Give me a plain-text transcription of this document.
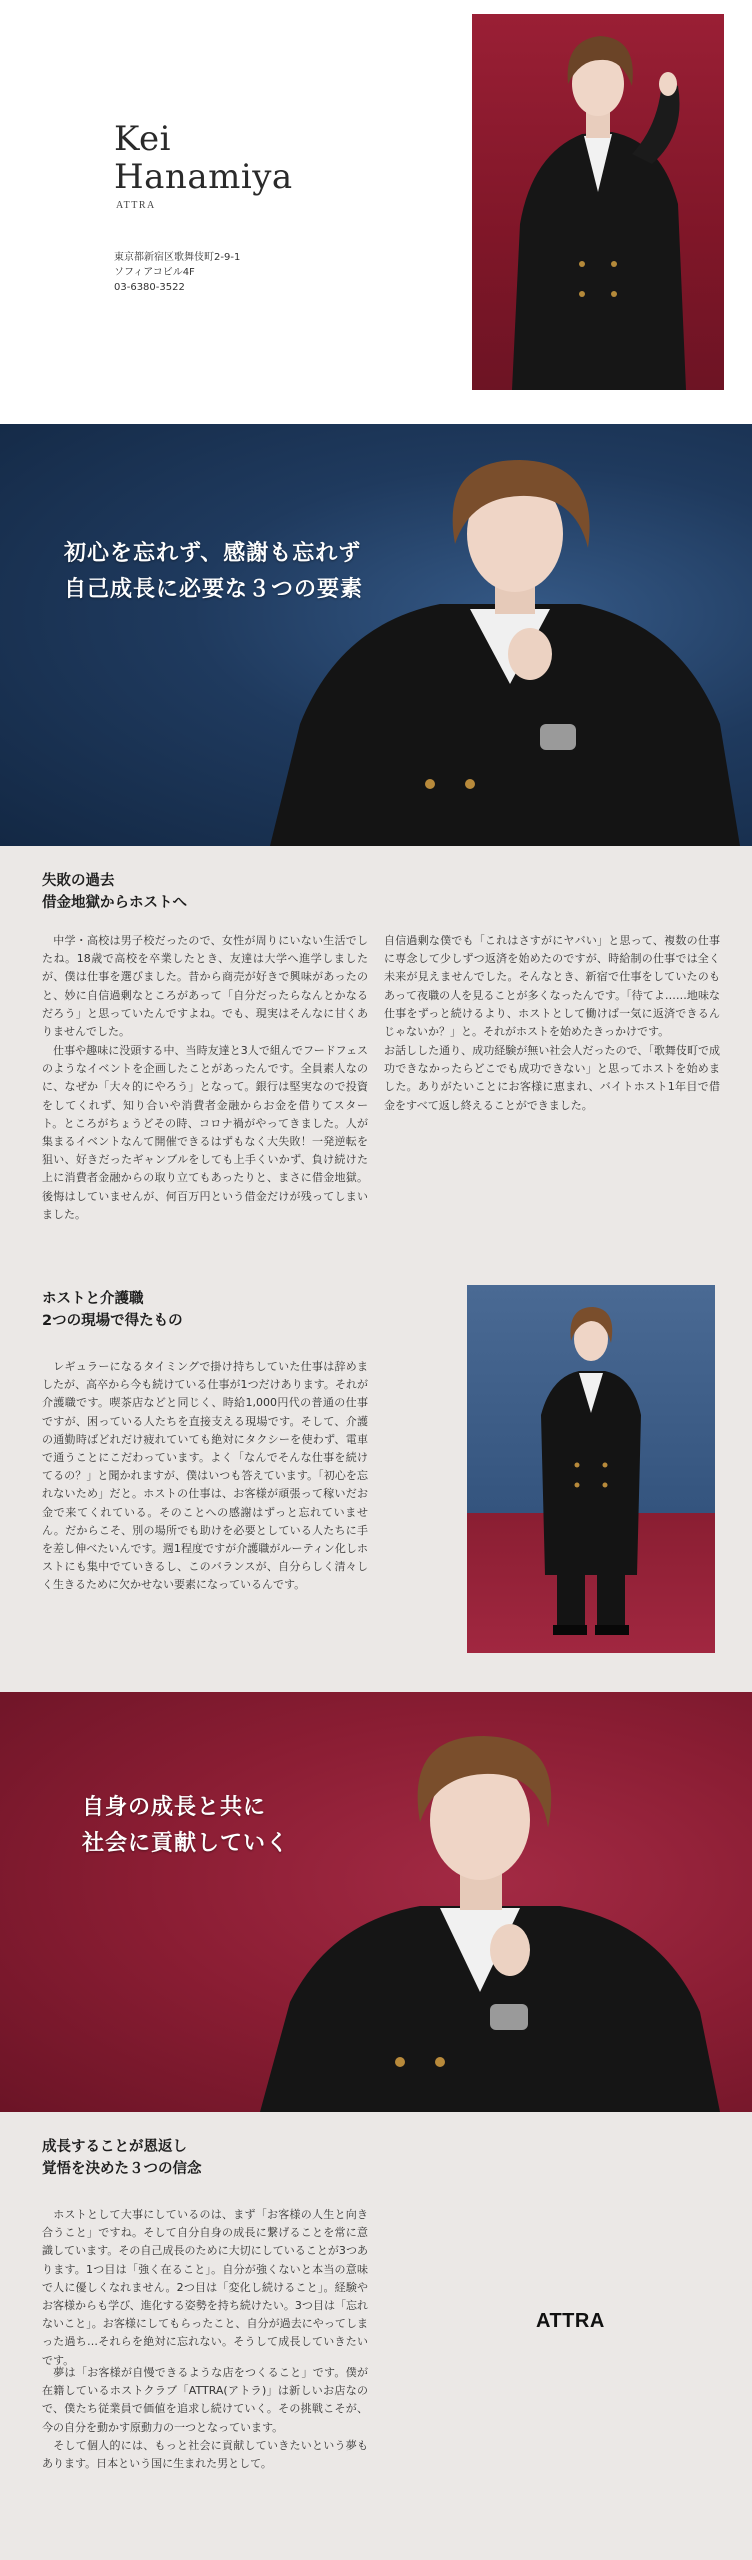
Kei
Hanamiya
ATTRA
東京都新宿区歌舞伎町2-9-1
ソフィアコビル4F
03-6380-3522
初心を忘れず、感謝も忘れず
自己成長に必要な３つの要素
失敗の過去
借金地獄からホストへ
　中学・高校は男子校だったので、女性が周りにいない生活でしたね。18歳で高校を卒業したとき、友達は大学へ進学しましたが、僕は仕事を選びました。昔から商売が好きで興味があったのと、妙に自信過剰なところがあって「自分だったらなんとかなるだろう」と思っていたんですよね。でも、現実はそんなに甘くありませんでした。
　仕事や趣味に没頭する中、当時友達と3人で組んでフードフェスのようなイベントを企画したことがあったんです。全員素人なのに、なぜか「大々的にやろう」となって。銀行は堅実なので投資をしてくれず、知り合いや消費者金融からお金を借りてスタート。ところがちょうどその時、コロナ禍がやってきました。人が集まるイベントなんて開催できるはずもなく大失敗！一発逆転を狙い、好きだったギャンブルをしても上手くいかず、負け続けた上に消費者金融からの取り立てもあったりと、まさに借金地獄。後悔はしていませんが、何百万円という借金だけが残ってしまいました。
自信過剰な僕でも「これはさすがにヤバい」と思って、複数の仕事に専念して少しずつ返済を始めたのですが、時給制の仕事では全く未来が見えませんでした。そんなとき、新宿で仕事をしていたのもあって夜職の人を見ることが多くなったんです。「待てよ……地味な仕事をずっと続けるより、ホストとして働けば一気に返済できるんじゃないか？」と。それがホストを始めたきっかけです。
お話しした通り、成功経験が無い社会人だったので、「歌舞伎町で成功できなかったらどこでも成功できない」と思ってホストを始めました。ありがたいことにお客様に恵まれ、バイトホスト1年目で借金をすべて返し終えることができました。
ホストと介護職
2つの現場で得たもの
　レギュラーになるタイミングで掛け持ちしていた仕事は辞めましたが、高卒から今も続けている仕事が1つだけあります。それが介護職です。喫茶店などと同じく、時給1,000円代の普通の仕事ですが、困っている人たちを直接支える現場です。そして、介護の通勤時ばどれだけ疲れていても絶対にタクシーを使わず、電車で通うことにこだわっています。よく「なんでそんな仕事を続けてるの？」と聞かれますが、僕はいつも答えています。「初心を忘れないため」だと。ホストの仕事は、お客様が頑張って稼いだお金で来てくれている。そのことへの感謝はずっと忘れていません。だからこそ、別の場所でも助けを必要としている人たちに手を差し伸べたいんです。週1程度ですが介護職がルーティン化しホストにも集中でていきるし、このバランスが、自分らしく清々しく生きるために欠かせない要素になっているんです。
自身の成長と共に
社会に貢献していく
成長することが恩返し
覚悟を決めた３つの信念
　ホストとして大事にしているのは、まず「お客様の人生と向き合うこと」ですね。そして自分自身の成長に繋げることを常に意識しています。その自己成長のために大切にしていることが3つあります。1つ目は「強く在ること」。自分が強くないと本当の意味で人に優しくなれません。2つ目は「変化し続けること」。経験やお客様からも学び、進化する姿勢を持ち続けたい。3つ目は「忘れないこと」。お客様にしてもらったこと、自分が過去にやってしまった過ち…それらを絶対に忘れない。そうして成長していきたいです。
　夢は「お客様が自慢できるような店をつくること」です。僕が在籍しているホストクラブ「ATTRA(アトラ)」は新しいお店なので、僕たち従業員で価値を追求し続けていく。その挑戦こそが、今の自分を動かす原動力の一つとなっています。
　そして個人的には、もっと社会に貢献していきたいという夢もあります。日本という国に生まれた男として。
ATTRA
